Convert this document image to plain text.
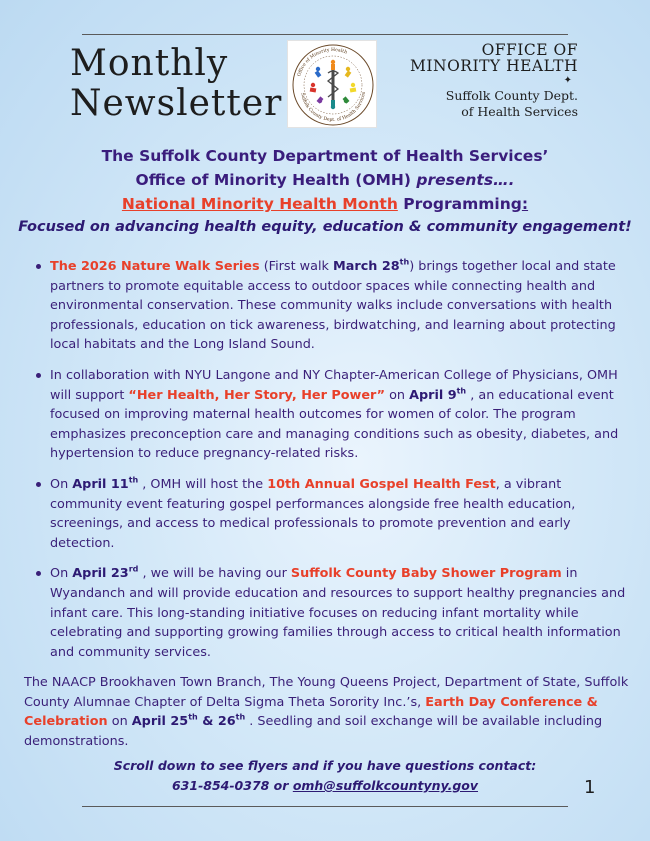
Monthly
Newsletter
Office of Minority Health
Suffolk County Dept. of Health Services
OFFICE OF
MINORITY HEALTH
✦
Suffolk County Dept.
of Health Services
The Suffolk County Department of Health Services’
Office of Minority Health (OMH) presents….
National Minority Health Month Programming:
Focused on advancing health equity, education & community engagement!
The 2026 Nature Walk Series (First walk March 28th) brings together local and state partners to promote equitable access to outdoor spaces while connecting health and environmental conservation. These community walks include conversations with health professionals, education on tick awareness, birdwatching, and learning about protecting local habitats and the Long Island Sound.
In collaboration with NYU Langone and NY Chapter-American College of Physicians, OMH will support “Her Health, Her Story, Her Power” on April 9th , an educational event focused on improving maternal health outcomes for women of color. The program emphasizes preconception care and managing conditions such as obesity, diabetes, and hypertension to reduce pregnancy-related risks.
On April 11th , OMH will host the 10th Annual Gospel Health Fest, a vibrant community event featuring gospel performances alongside free health education, screenings, and access to medical professionals to promote prevention and early detection.
On April 23rd , we will be having our Suffolk County Baby Shower Program in Wyandanch and will provide education and resources to support healthy pregnancies and infant care. This long-standing initiative focuses on reducing infant mortality while celebrating and supporting growing families through access to critical health information and community services.
The NAACP Brookhaven Town Branch, The Young Queens Project, Department of State, Suffolk County Alumnae Chapter of Delta Sigma Theta Sorority Inc.’s, Earth Day Conference & Celebration on April 25th & 26th . Seedling and soil exchange will be available including demonstrations.
Scroll down to see flyers and if you have questions contact:
631-854-0378 or omh@suffolkcountyny.gov	1
